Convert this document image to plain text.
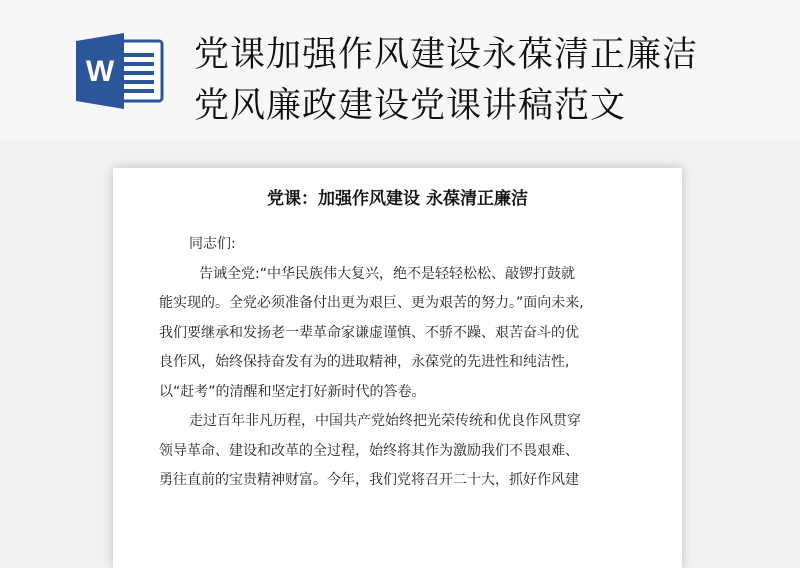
W 党课加强作风建设永葆清正廉洁
党风廉政建设党课讲稿范文
党课：加强作风建设 永葆清正廉洁
同志们:
告诫全党:“中华民族伟大复兴，绝不是轻轻松松、敲锣打鼓就
能实现的。全党必须准备付出更为艰巨、更为艰苦的努力。”面向未来,
我们要继承和发扬老一辈革命家谦虚谨慎、不骄不躁、艰苦奋斗的优
良作风，始终保持奋发有为的进取精神，永葆党的先进性和纯洁性,
以“赶考”的清醒和坚定打好新时代的答卷。
走过百年非凡历程，中国共产党始终把光荣传统和优良作风贯穿
领导革命、建设和改革的全过程，始终将其作为激励我们不畏艰难、
勇往直前的宝贵精神财富。今年，我们党将召开二十大，抓好作风建
